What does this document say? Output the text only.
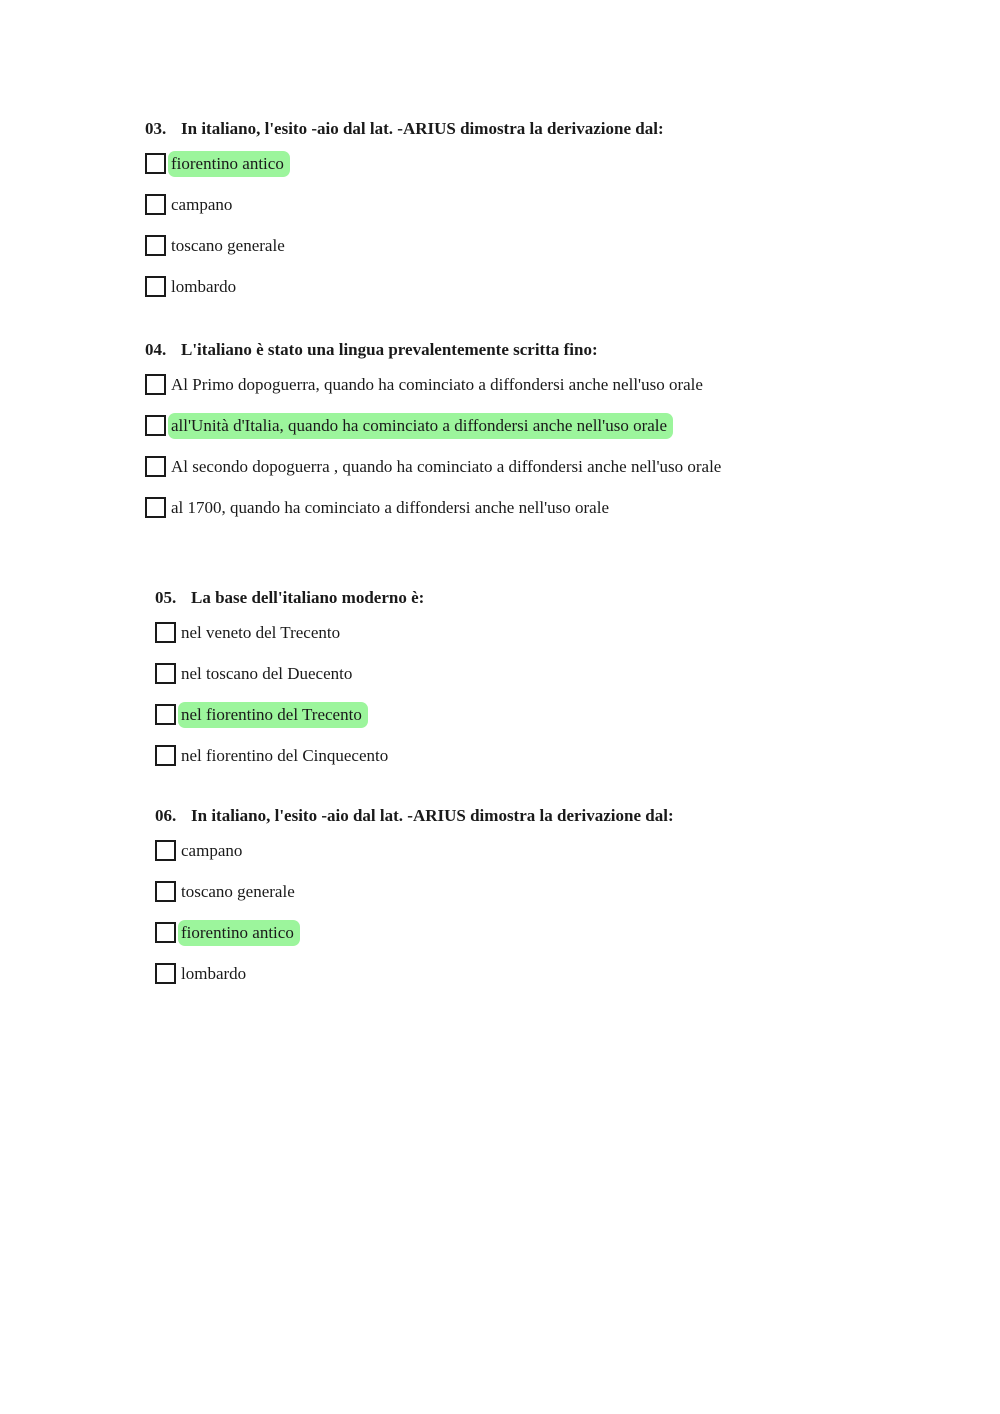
03. In italiano, l'esito -aio dal lat. -ARIUS dimostra la derivazione dal:
fiorentino antico
campano
toscano generale
lombardo
04. L'italiano è stato una lingua prevalentemente scritta fino:
Al Primo dopoguerra, quando ha cominciato a diffondersi anche nell'uso orale
all'Unità d'Italia, quando ha cominciato a diffondersi anche nell'uso orale
Al secondo dopoguerra , quando ha cominciato a diffondersi anche nell'uso orale
al 1700, quando ha cominciato a diffondersi anche nell'uso orale
05. La base dell'italiano moderno è:
nel veneto del Trecento
nel toscano del Duecento
nel fiorentino del Trecento
nel fiorentino del Cinquecento
06. In italiano, l'esito -aio dal lat. -ARIUS dimostra la derivazione dal:
campano
toscano generale
fiorentino antico
lombardo
